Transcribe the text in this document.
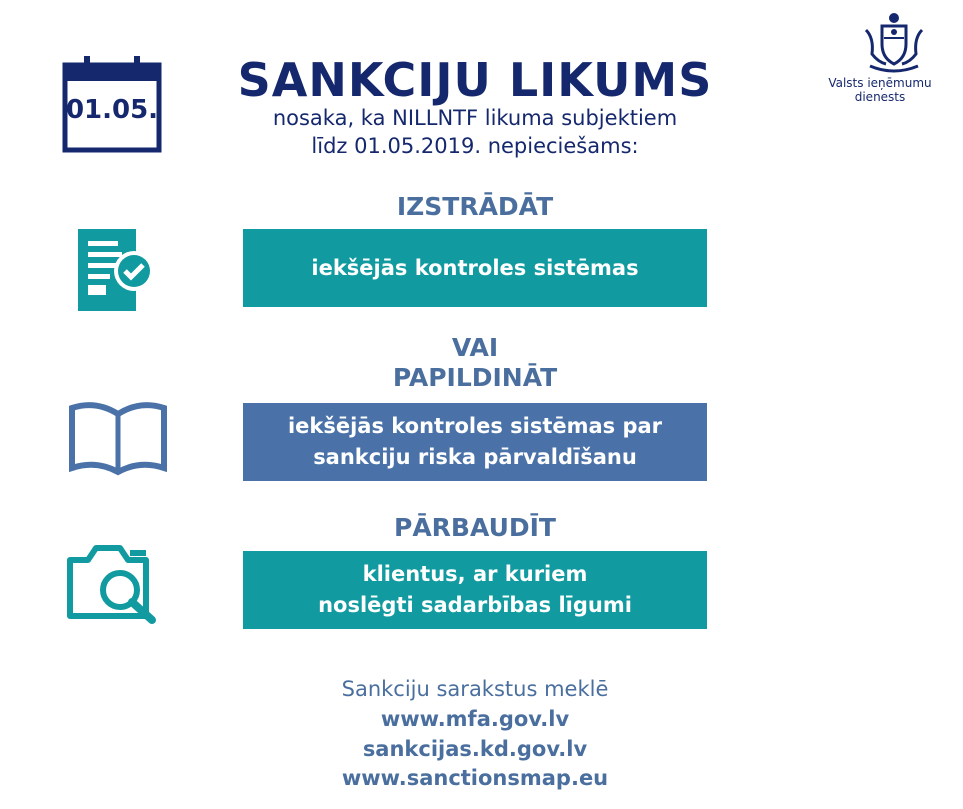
01.05.
SANKCIJU LIKUMS
nosaka, ka NILLNTF likuma subjektiem
līdz 01.05.2019. nepieciešams:
Valsts ieņēmumu
dienests
IZSTRĀDĀT
iekšējās kontroles sistēmas
VAI
PAPILDINĀT
iekšējās kontroles sistēmas par
sankciju riska pārvaldīšanu
PĀRBAUDĪT
klientus, ar kuriem
noslēgti sadarbības līgumi
Sankciju sarakstus meklē
www.mfa.gov.lv
sankcijas.kd.gov.lv
www.sanctionsmap.eu
